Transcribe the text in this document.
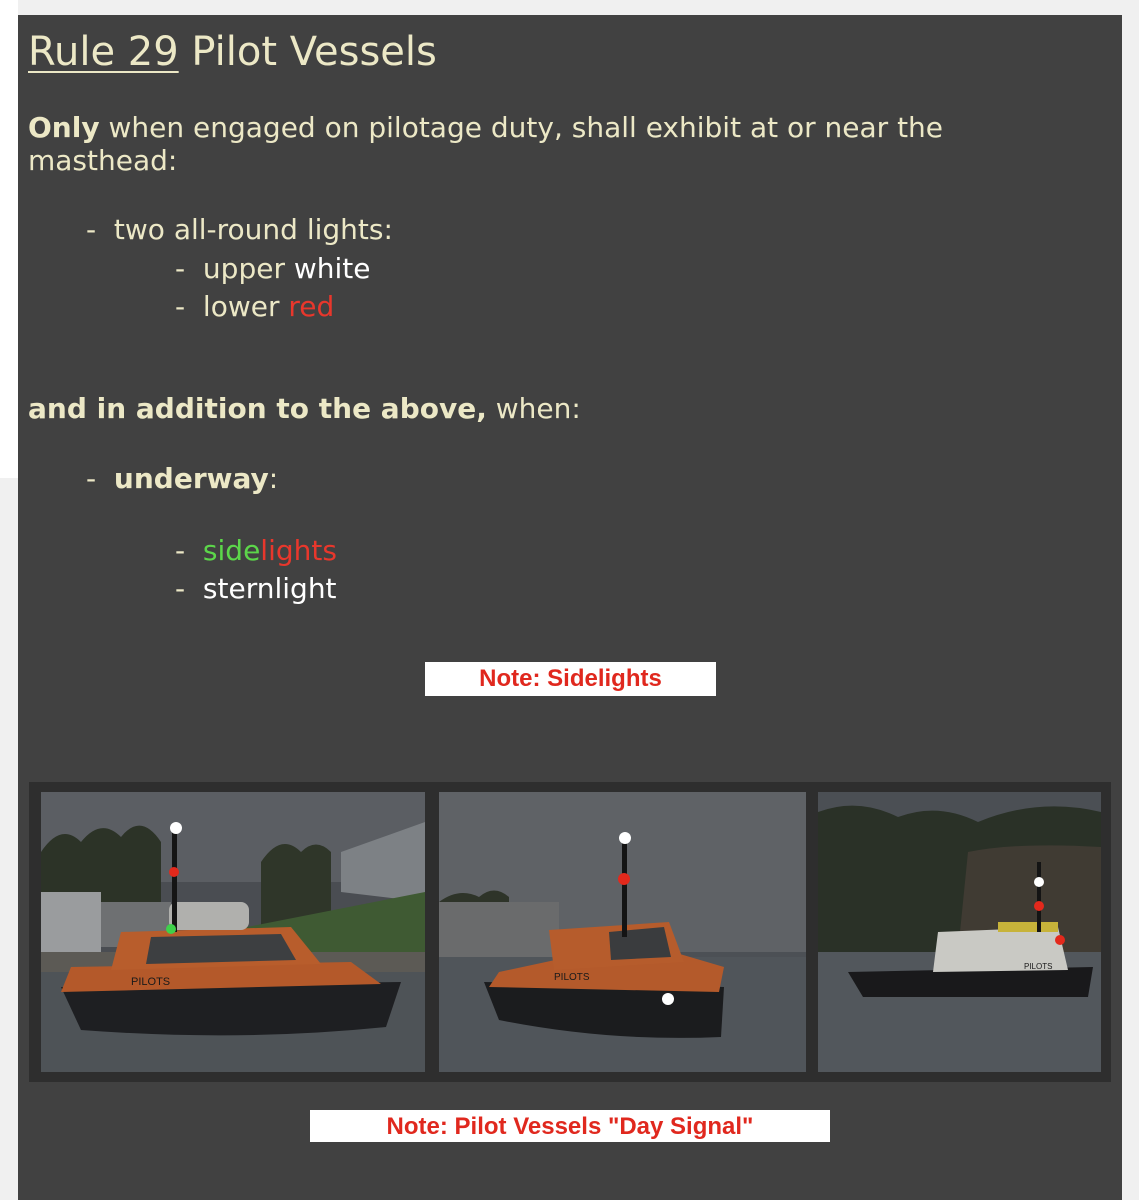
Rule 29 Pilot Vessels
Only when engaged on pilotage duty, shall exhibit at or near the masthead:
- two all-round lights:
- upper white
- lower red
and in addition to the above, when:
- underway:
- sidelights
- sternlight
Note: Sidelights
PILOTS	PILOTS
PILOTS
Note: Pilot Vessels "Day Signal"
